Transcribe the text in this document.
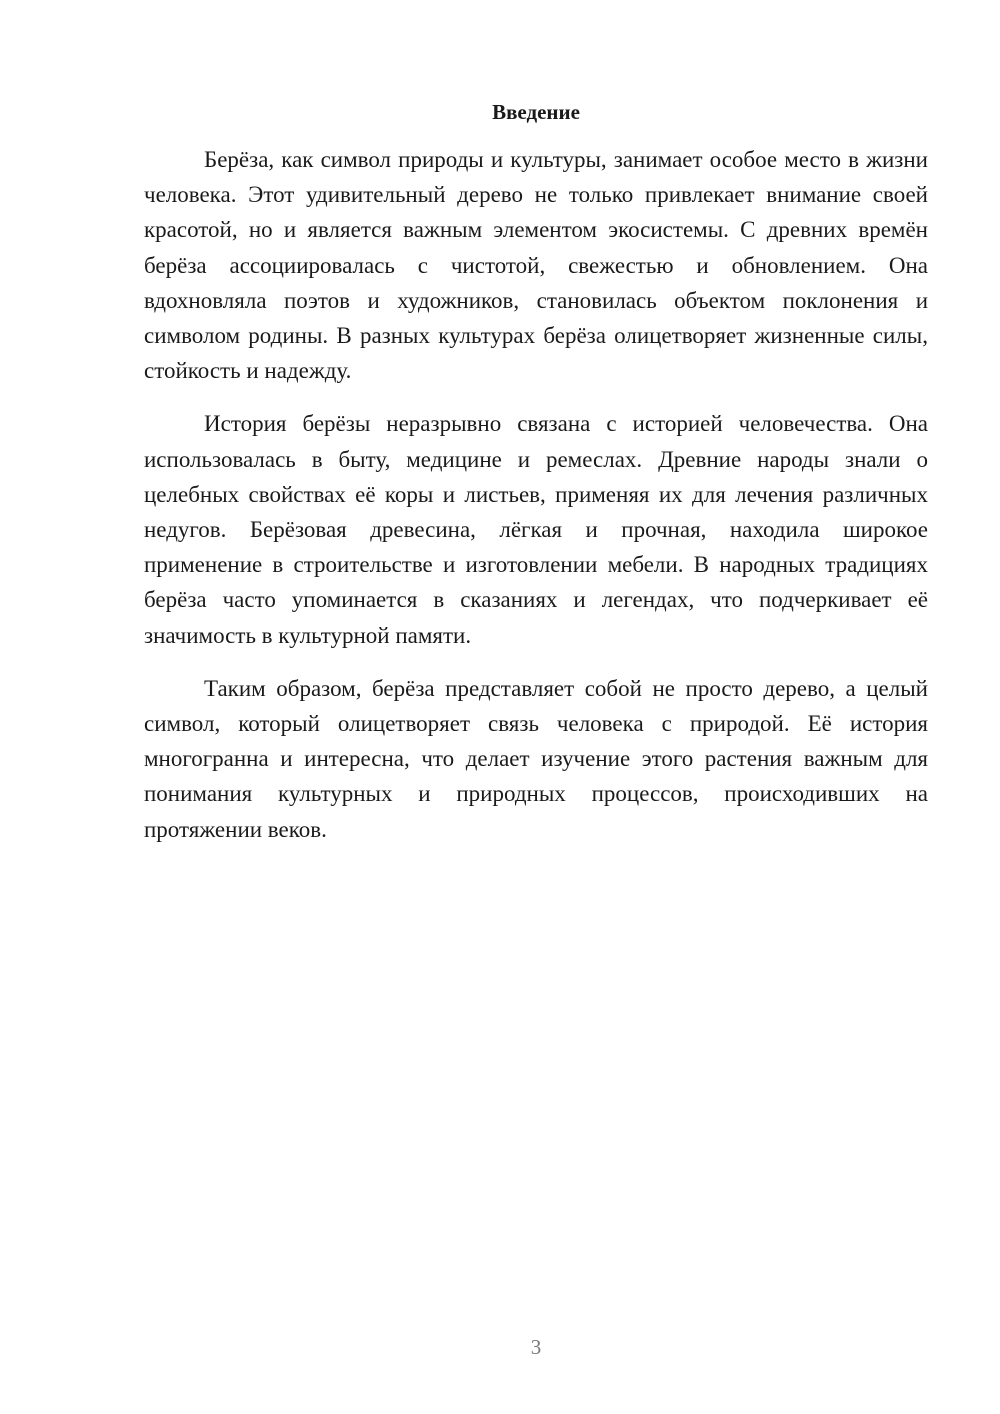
Введение

Берёза, как символ природы и культуры, занимает особое место в жизни человека. Этот удивительный дерево не только привлекает внимание своей красотой, но и является важным элементом экосистемы. С древних времён берёза ассоциировалась с чистотой, свежестью и обновлением. Она вдохновляла поэтов и художников, становилась объектом поклонения и символом родины. В разных культурах берёза олицетворяет жизненные силы, стойкость и надежду.

История берёзы неразрывно связана с историей человечества. Она использовалась в быту, медицине и ремеслах. Древние народы знали о целебных свойствах её коры и листьев, применяя их для лечения различных недугов. Берёзовая древесина, лёгкая и прочная, находила широкое применение в строительстве и изготовлении мебели. В народных традициях берёза часто упоминается в сказаниях и легендах, что подчеркивает её значимость в культурной памяти.

Таким образом, берёза представляет собой не просто дерево, а целый символ, который олицетворяет связь человека с природой. Её история многогранна и интересна, что делает изучение этого растения важным для понимания культурных и природных процессов, происходивших на протяжении веков.

3
